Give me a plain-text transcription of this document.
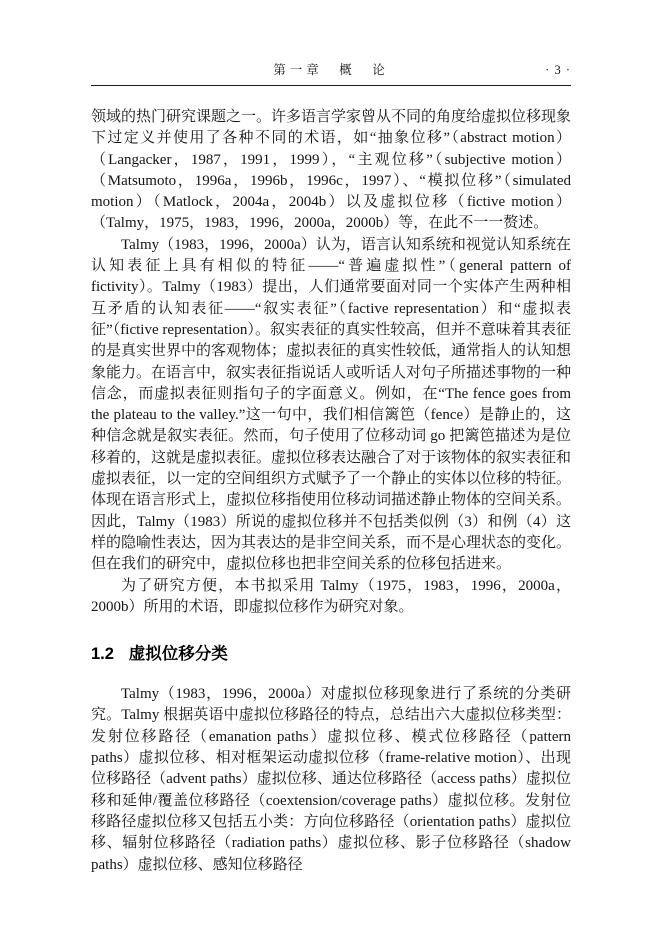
第一章　概　论	· 3 ·

领域的热门研究课题之一。许多语言学家曾从不同的角度给虚拟位移现象下过定义并使用了各种不同的术语，如“抽象位移”（abstract motion）（Langacker，1987，1991，1999），“主观位移”（subjective motion）（Matsumoto，1996a，1996b，1996c，1997）、“模拟位移”（simulated motion）（Matlock，2004a，2004b）以及虚拟位移（fictive motion）（Talmy，1975，1983，1996，2000a，2000b）等，在此不一一赘述。

Talmy（1983，1996，2000a）认为，语言认知系统和视觉认知系统在认知表征上具有相似的特征——“普遍虚拟性”（general pattern of fictivity）。Talmy（1983）提出，人们通常要面对同一个实体产生两种相互矛盾的认知表征——“叙实表征”（factive representation）和“虚拟表征”（fictive representation）。叙实表征的真实性较高，但并不意味着其表征的是真实世界中的客观物体；虚拟表征的真实性较低，通常指人的认知想象能力。在语言中，叙实表征指说话人或听话人对句子所描述事物的一种信念，而虚拟表征则指句子的字面意义。例如，在“The fence goes from the plateau to the valley.”这一句中，我们相信篱笆（fence）是静止的，这种信念就是叙实表征。然而，句子使用了位移动词 go 把篱笆描述为是位移着的，这就是虚拟表征。虚拟位移表达融合了对于该物体的叙实表征和虚拟表征，以一定的空间组织方式赋予了一个静止的实体以位移的特征。体现在语言形式上，虚拟位移指使用位移动词描述静止物体的空间关系。因此，Talmy（1983）所说的虚拟位移并不包括类似例（3）和例（4）这样的隐喻性表达，因为其表达的是非空间关系，而不是心理状态的变化。但在我们的研究中，虚拟位移也把非空间关系的位移包括进来。

为了研究方便，本书拟采用 Talmy（1975，1983，1996，2000a，2000b）所用的术语，即虚拟位移作为研究对象。

1.2 虚拟位移分类

Talmy（1983，1996，2000a）对虚拟位移现象进行了系统的分类研究。Talmy 根据英语中虚拟位移路径的特点，总结出六大虚拟位移类型：发射位移路径（emanation paths）虚拟位移、模式位移路径（pattern paths）虚拟位移、相对框架运动虚拟位移（frame-relative motion）、出现位移路径（advent paths）虚拟位移、通达位移路径（access paths）虚拟位移和延伸/覆盖位移路径（coextension/coverage paths）虚拟位移。发射位移路径虚拟位移又包括五小类：方向位移路径（orientation paths）虚拟位移、辐射位移路径（radiation paths）虚拟位移、影子位移路径（shadow paths）虚拟位移、感知位移路径
